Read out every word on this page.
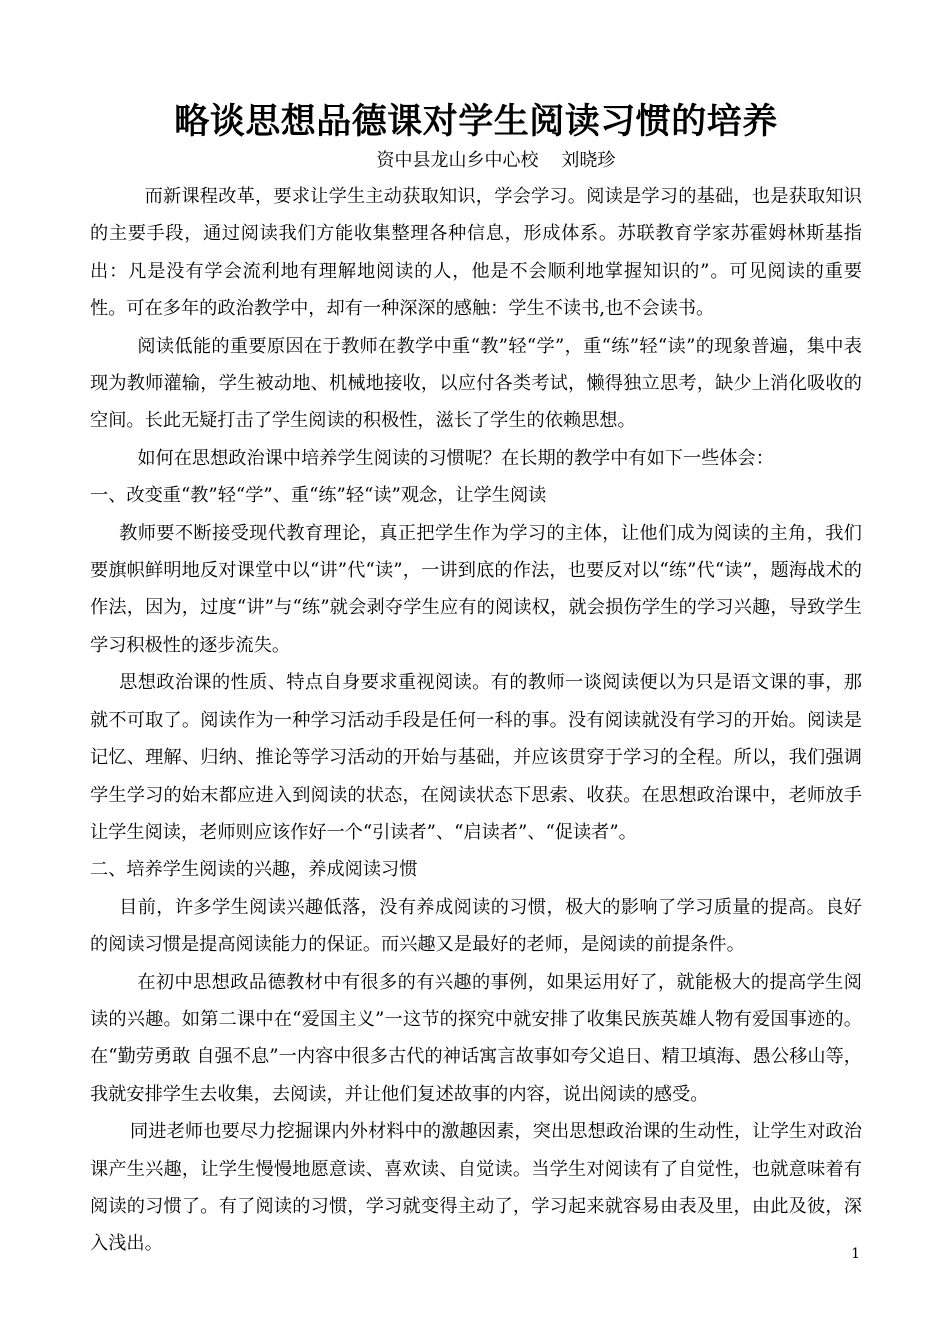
略谈思想品德课对学生阅读习惯的培养

资中县龙山乡中心校    刘晓珍

而新课程改革，要求让学生主动获取知识，学会学习。阅读是学习的基础，也是获取知识的主要手段，通过阅读我们方能收集整理各种信息，形成体系。苏联教育学家苏霍姆林斯基指出：凡是没有学会流利地有理解地阅读的人，他是不会顺利地掌握知识的”。可见阅读的重要性。可在多年的政治教学中，却有一种深深的感触：学生不读书,也不会读书。

阅读低能的重要原因在于教师在教学中重“教”轻“学”，重“练”轻“读”的现象普遍，集中表现为教师灌输，学生被动地、机械地接收，以应付各类考试，懒得独立思考，缺少上消化吸收的空间。长此无疑打击了学生阅读的积极性，滋长了学生的依赖思想。

如何在思想政治课中培养学生阅读的习惯呢？在长期的教学中有如下一些体会：

一、改变重“教”轻“学”、重“练”轻“读”观念，让学生阅读

教师要不断接受现代教育理论，真正把学生作为学习的主体，让他们成为阅读的主角，我们要旗帜鲜明地反对课堂中以“讲”代“读”，一讲到底的作法，也要反对以“练”代“读”，题海战术的作法，因为，过度“讲”与“练”就会剥夺学生应有的阅读权，就会损伤学生的学习兴趣，导致学生学习积极性的逐步流失。

思想政治课的性质、特点自身要求重视阅读。有的教师一谈阅读便以为只是语文课的事，那就不可取了。阅读作为一种学习活动手段是任何一科的事。没有阅读就没有学习的开始。阅读是记忆、理解、归纳、推论等学习活动的开始与基础，并应该贯穿于学习的全程。所以，我们强调学生学习的始末都应进入到阅读的状态，在阅读状态下思索、收获。在思想政治课中，老师放手让学生阅读，老师则应该作好一个“引读者”、“启读者”、“促读者”。

二、培养学生阅读的兴趣，养成阅读习惯

目前，许多学生阅读兴趣低落，没有养成阅读的习惯，极大的影响了学习质量的提高。良好的阅读习惯是提高阅读能力的保证。而兴趣又是最好的老师，是阅读的前提条件。

在初中思想政品德教材中有很多的有兴趣的事例，如果运用好了，就能极大的提高学生阅读的兴趣。如第二课中在“爱国主义”一这节的探究中就安排了收集民族英雄人物有爱国事迹的。在“勤劳勇敢 自强不息”一内容中很多古代的神话寓言故事如夸父追日、精卫填海、愚公移山等，我就安排学生去收集，去阅读，并让他们复述故事的内容，说出阅读的感受。

同进老师也要尽力挖掘课内外材料中的激趣因素，突出思想政治课的生动性，让学生对政治课产生兴趣，让学生慢慢地愿意读、喜欢读、自觉读。当学生对阅读有了自觉性，也就意味着有阅读的习惯了。有了阅读的习惯，学习就变得主动了，学习起来就容易由表及里，由此及彼，深入浅出。	1
